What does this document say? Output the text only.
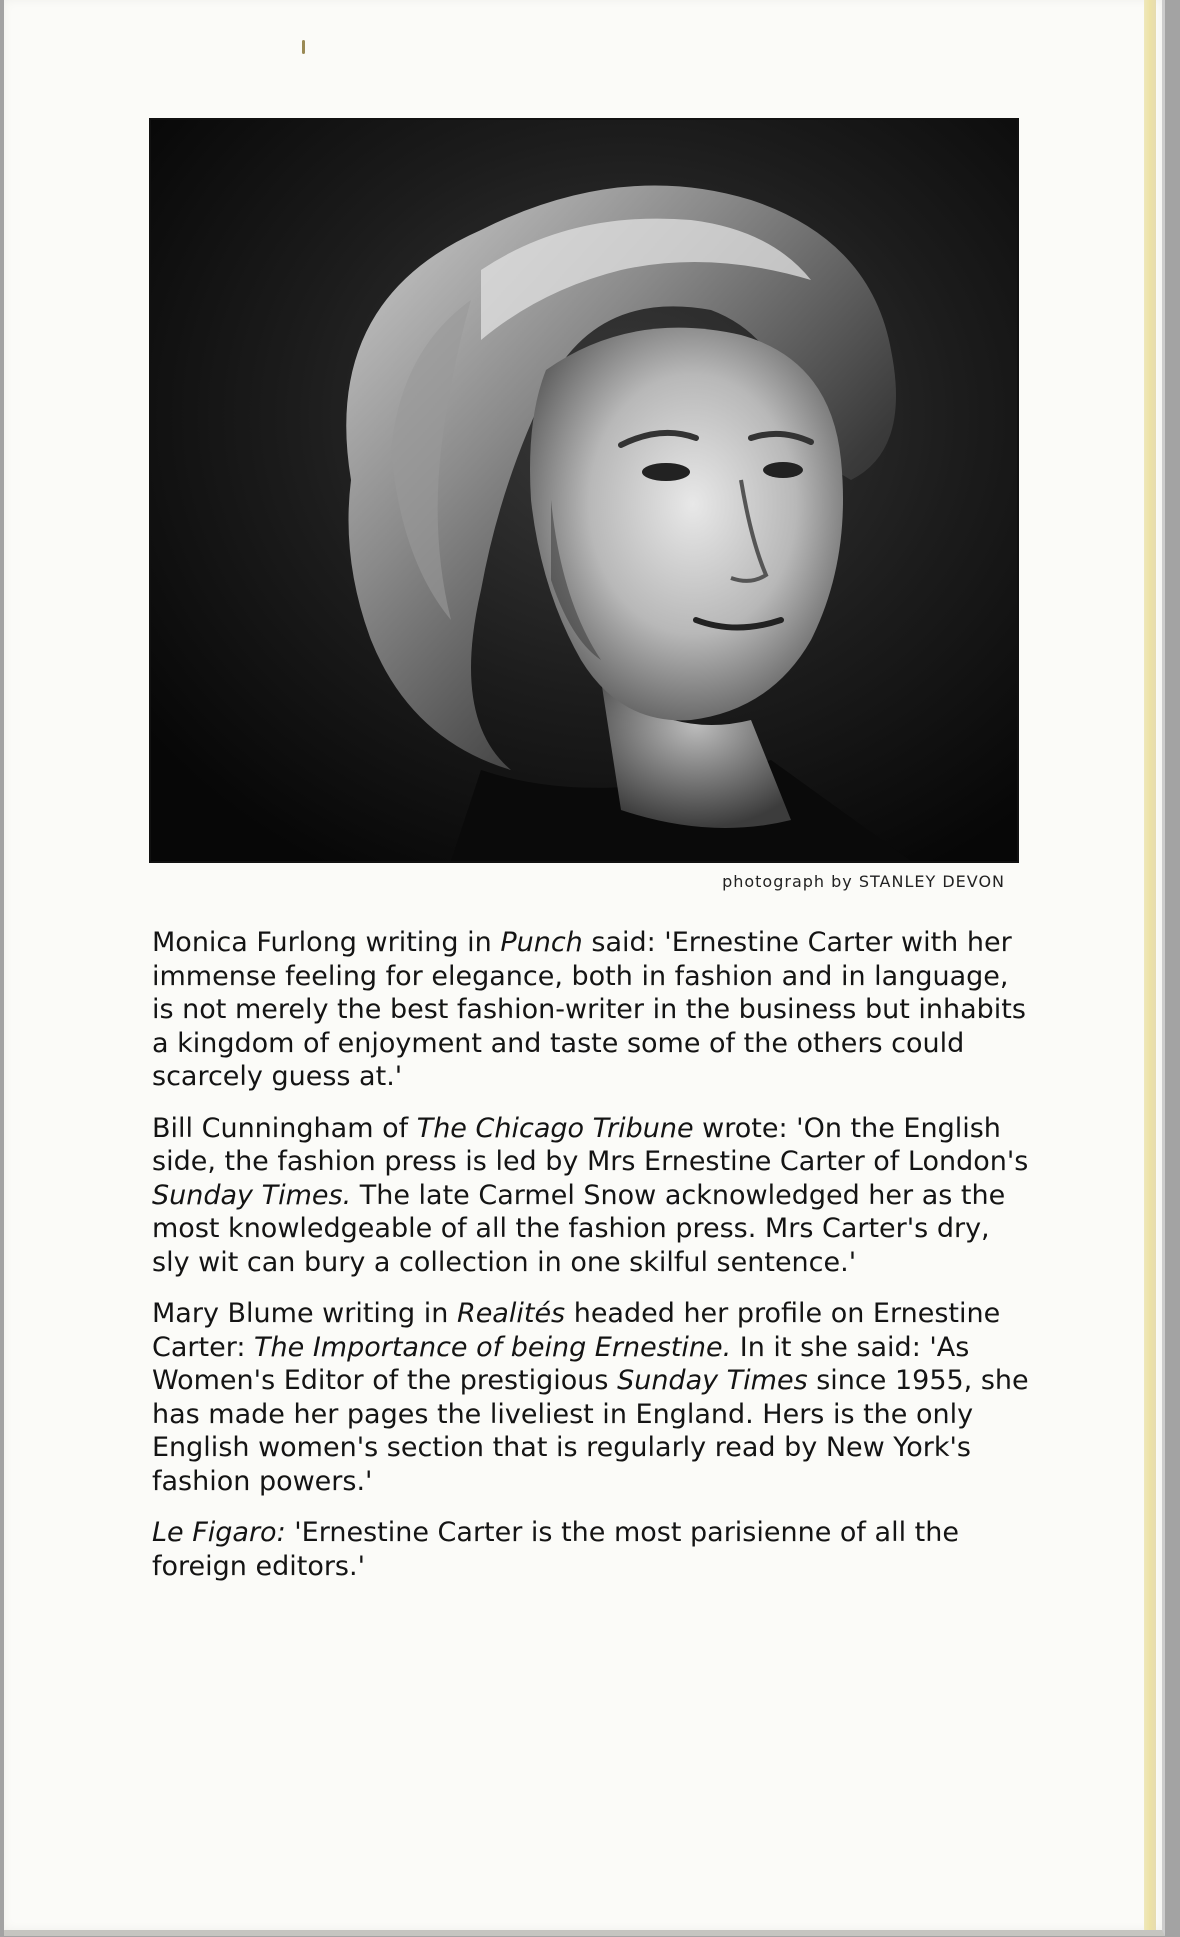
photograph by STANLEY DEVON

Monica Furlong writing in Punch said: 'Ernestine Carter with her immense feeling for elegance, both in fashion and in language, is not merely the best fashion-writer in the business but inhabits a kingdom of enjoyment and taste some of the others could scarcely guess at.'

Bill Cunningham of The Chicago Tribune wrote: 'On the English side, the fashion press is led by Mrs Ernestine Carter of London's Sunday Times. The late Carmel Snow acknowledged her as the most knowledgeable of all the fashion press. Mrs Carter's dry, sly wit can bury a collection in one skilful sentence.'

Mary Blume writing in Realités headed her profile on Ernestine Carter: The Importance of being Ernestine. In it she said: 'As Women's Editor of the prestigious Sunday Times since 1955, she has made her pages the liveliest in England. Hers is the only English women's section that is regularly read by New York's fashion powers.'

Le Figaro: 'Ernestine Carter is the most parisienne of all the foreign editors.'
